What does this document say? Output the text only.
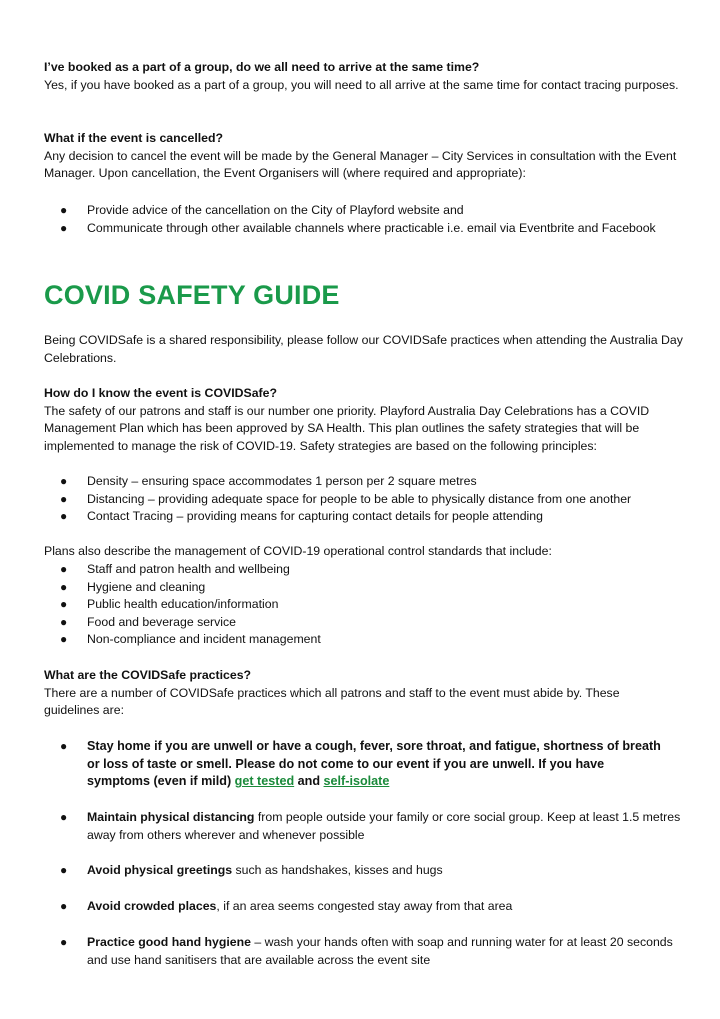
I’ve booked as a part of a group, do we all need to arrive at the same time?
Yes, if you have booked as a part of a group, you will need to all arrive at the same time for contact tracing purposes.
What if the event is cancelled?
Any decision to cancel the event will be made by the General Manager – City Services in consultation with the Event Manager. Upon cancellation, the Event Organisers will (where required and appropriate):
● Provide advice of the cancellation on the City of Playford website and
● Communicate through other available channels where practicable i.e. email via Eventbrite and Facebook
COVID SAFETY GUIDE
Being COVIDSafe is a shared responsibility, please follow our COVIDSafe practices when attending the Australia Day Celebrations.
How do I know the event is COVIDSafe?
The safety of our patrons and staff is our number one priority. Playford Australia Day Celebrations has a COVID Management Plan which has been approved by SA Health. This plan outlines the safety strategies that will be implemented to manage the risk of COVID-19. Safety strategies are based on the following principles:
● Density – ensuring space accommodates 1 person per 2 square metres
● Distancing – providing adequate space for people to be able to physically distance from one another
● Contact Tracing – providing means for capturing contact details for people attending
Plans also describe the management of COVID-19 operational control standards that include:
● Staff and patron health and wellbeing
● Hygiene and cleaning
● Public health education/information
● Food and beverage service
● Non-compliance and incident management
What are the COVIDSafe practices?
There are a number of COVIDSafe practices which all patrons and staff to the event must abide by. These guidelines are:
● Stay home if you are unwell or have a cough, fever, sore throat, and fatigue, shortness of breath or loss of taste or smell. Please do not come to our event if you are unwell. If you have symptoms (even if mild) get tested and self-isolate
● Maintain physical distancing from people outside your family or core social group. Keep at least 1.5 metres away from others wherever and whenever possible
● Avoid physical greetings such as handshakes, kisses and hugs
● Avoid crowded places, if an area seems congested stay away from that area
● Practice good hand hygiene – wash your hands often with soap and running water for at least 20 seconds and use hand sanitisers that are available across the event site
